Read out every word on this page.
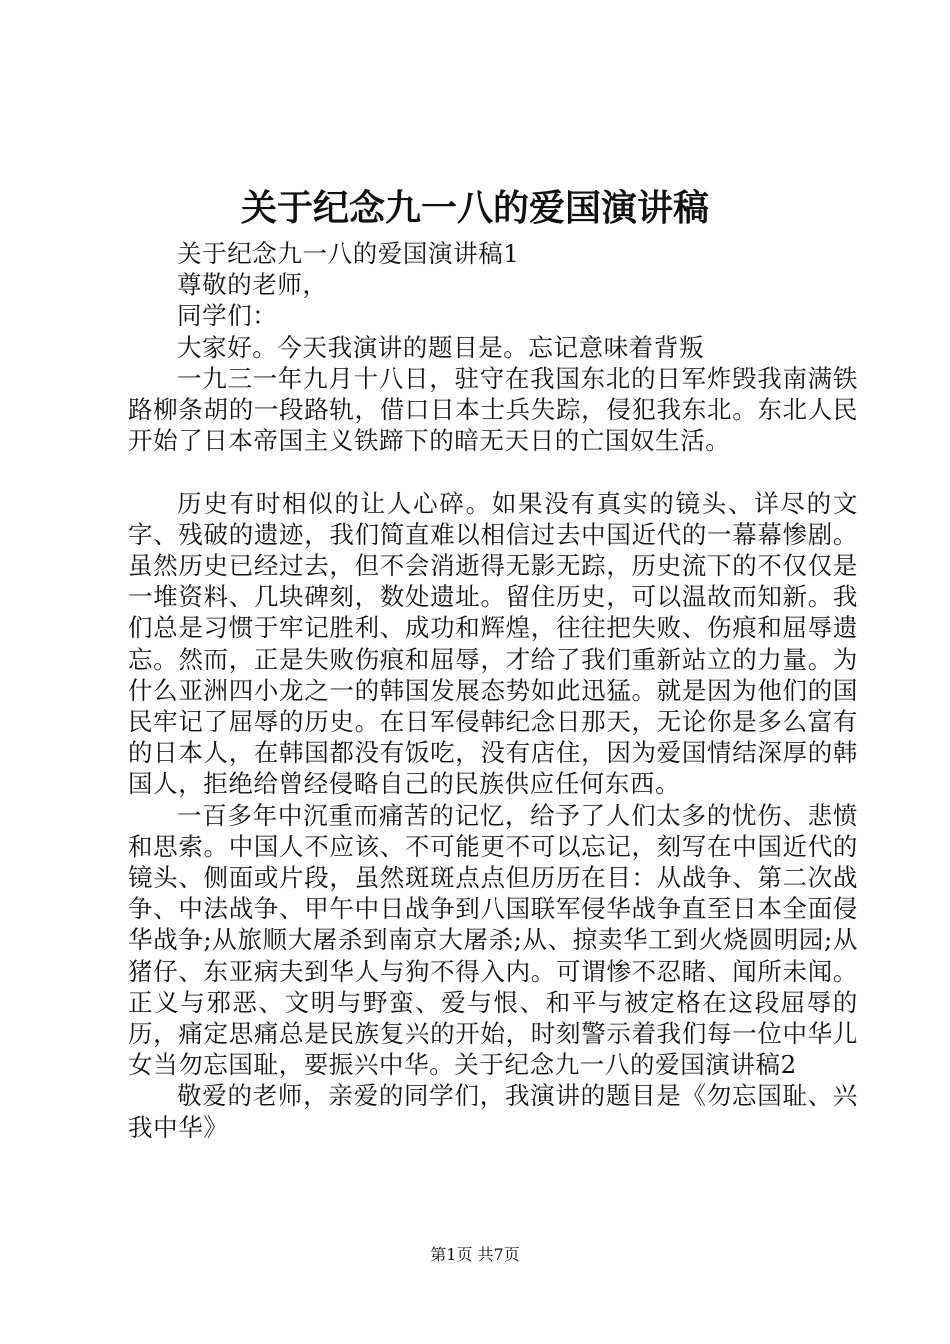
关于纪念九一八的爱国演讲稿

关于纪念九一八的爱国演讲稿1

尊敬的老师，

同学们：

大家好。今天我演讲的题目是。忘记意味着背叛

一九三一年九月十八日，驻守在我国东北的日军炸毁我南满铁路柳条胡的一段路轨，借口日本士兵失踪，侵犯我东北。东北人民开始了日本帝国主义铁蹄下的暗无天日的亡国奴生活。

历史有时相似的让人心碎。如果没有真实的镜头、详尽的文字、残破的遗迹，我们简直难以相信过去中国近代的一幕幕惨剧。虽然历史已经过去，但不会消逝得无影无踪，历史流下的不仅仅是一堆资料、几块碑刻，数处遗址。留住历史，可以温故而知新。我们总是习惯于牢记胜利、成功和辉煌，往往把失败、伤痕和屈辱遗忘。然而，正是失败伤痕和屈辱，才给了我们重新站立的力量。为什么亚洲四小龙之一的韩国发展态势如此迅猛。就是因为他们的国民牢记了屈辱的历史。在日军侵韩纪念日那天，无论你是多么富有的日本人，在韩国都没有饭吃，没有店住，因为爱国情结深厚的韩国人，拒绝给曾经侵略自己的民族供应任何东西。

一百多年中沉重而痛苦的记忆，给予了人们太多的忧伤、悲愤和思索。中国人不应该、不可能更不可以忘记，刻写在中国近代的镜头、侧面或片段，虽然斑斑点点但历历在目：从战争、第二次战争、中法战争、甲午中日战争到八国联军侵华战争直至日本全面侵华战争;从旅顺大屠杀到南京大屠杀;从、掠卖华工到火烧圆明园;从猪仔、东亚病夫到华人与狗不得入内。可谓惨不忍睹、闻所未闻。正义与邪恶、文明与野蛮、爱与恨、和平与被定格在这段屈辱的历，痛定思痛总是民族复兴的开始，时刻警示着我们每一位中华儿女当勿忘国耻，要振兴中华。关于纪念九一八的爱国演讲稿2

敬爱的老师，亲爱的同学们，我演讲的题目是《勿忘国耻、兴我中华》

第1页 共7页
